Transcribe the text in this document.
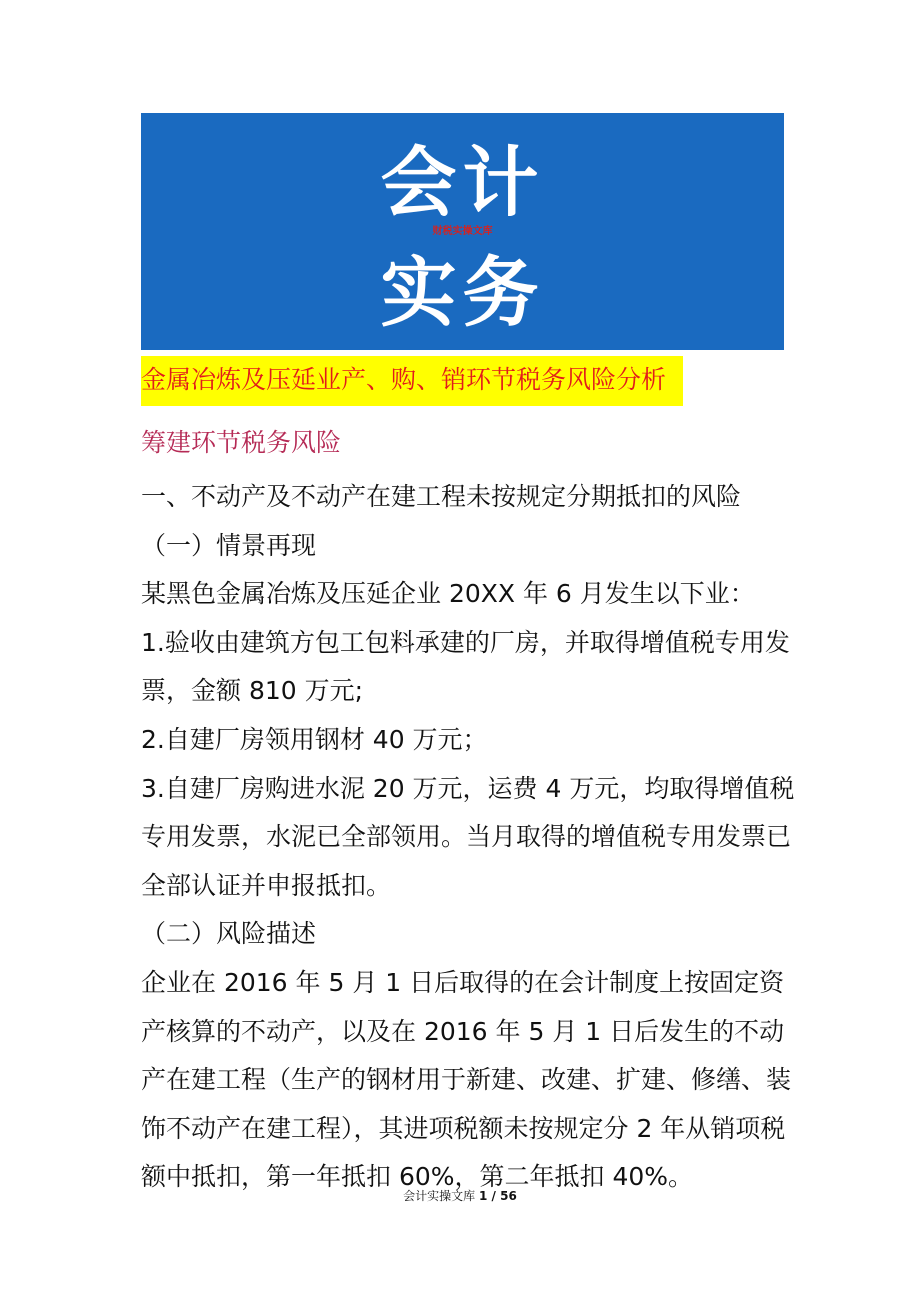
会计
财税实操文库
实务
金属冶炼及压延业产、购、销环节税务风险分析
筹建环节税务风险

一、不动产及不动产在建工程未按规定分期抵扣的风险

（一）情景再现

某黑色金属冶炼及压延企业 20XX 年 6 月发生以下业：

1.验收由建筑方包工包料承建的厂房，并取得增值税专用发票，金额 810 万元;

2.自建厂房领用钢材 40 万元；

3.自建厂房购进水泥 20 万元，运费 4 万元，均取得增值税专用发票，水泥已全部领用。当月取得的增值税专用发票已全部认证并申报抵扣。

（二）风险描述

企业在 2016 年 5 月 1 日后取得的在会计制度上按固定资产核算的不动产，以及在 2016 年 5 月 1 日后发生的不动产在建工程（生产的钢材用于新建、改建、扩建、修缮、装饰不动产在建工程），其进项税额未按规定分 2 年从销项税额中抵扣，第一年抵扣 60%，第二年抵扣 40%。

会计实操文库 1 / 56
